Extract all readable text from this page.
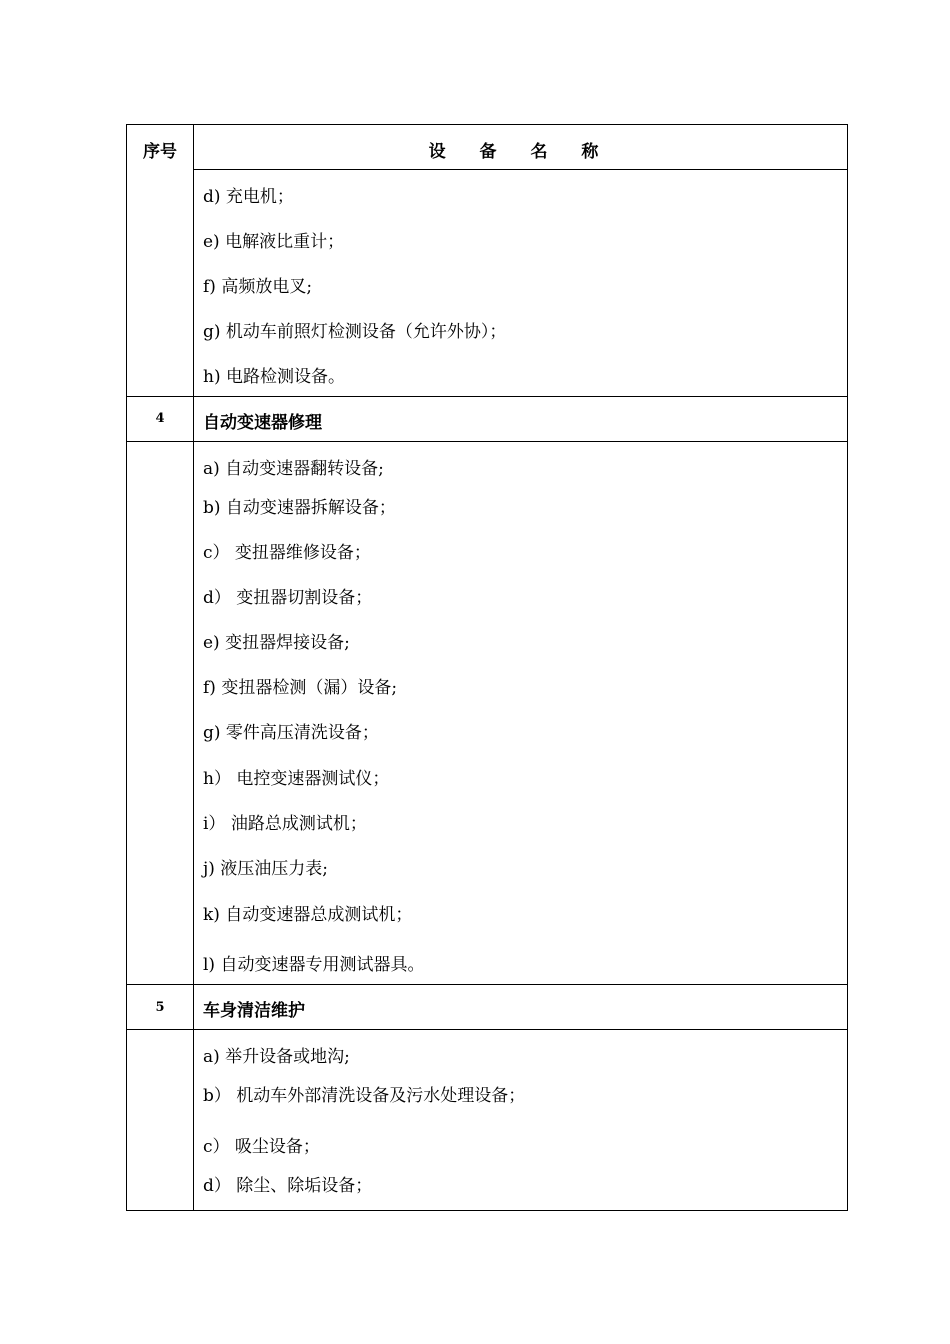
序号	设 备 名 称
d) 充电机；
e) 电解液比重计；
f) 高频放电叉;
g) 机动车前照灯检测设备（允许外协）；
h) 电路检测设备。
4	自动变速器修理
a) 自动变速器翻转设备;
b) 自动变速器拆解设备；
c） 变扭器维修设备；
d） 变扭器切割设备；
e) 变扭器焊接设备;
f) 变扭器检测（漏）设备;
g) 零件高压清洗设备；
h） 电控变速器测试仪；
i） 油路总成测试机；
j) 液压油压力表;
k) 自动变速器总成测试机；
l) 自动变速器专用测试器具。
5	车身清洁维护
a) 举升设备或地沟;
b） 机动车外部清洗设备及污水处理设备；
c） 吸尘设备；
d） 除尘、除垢设备；
